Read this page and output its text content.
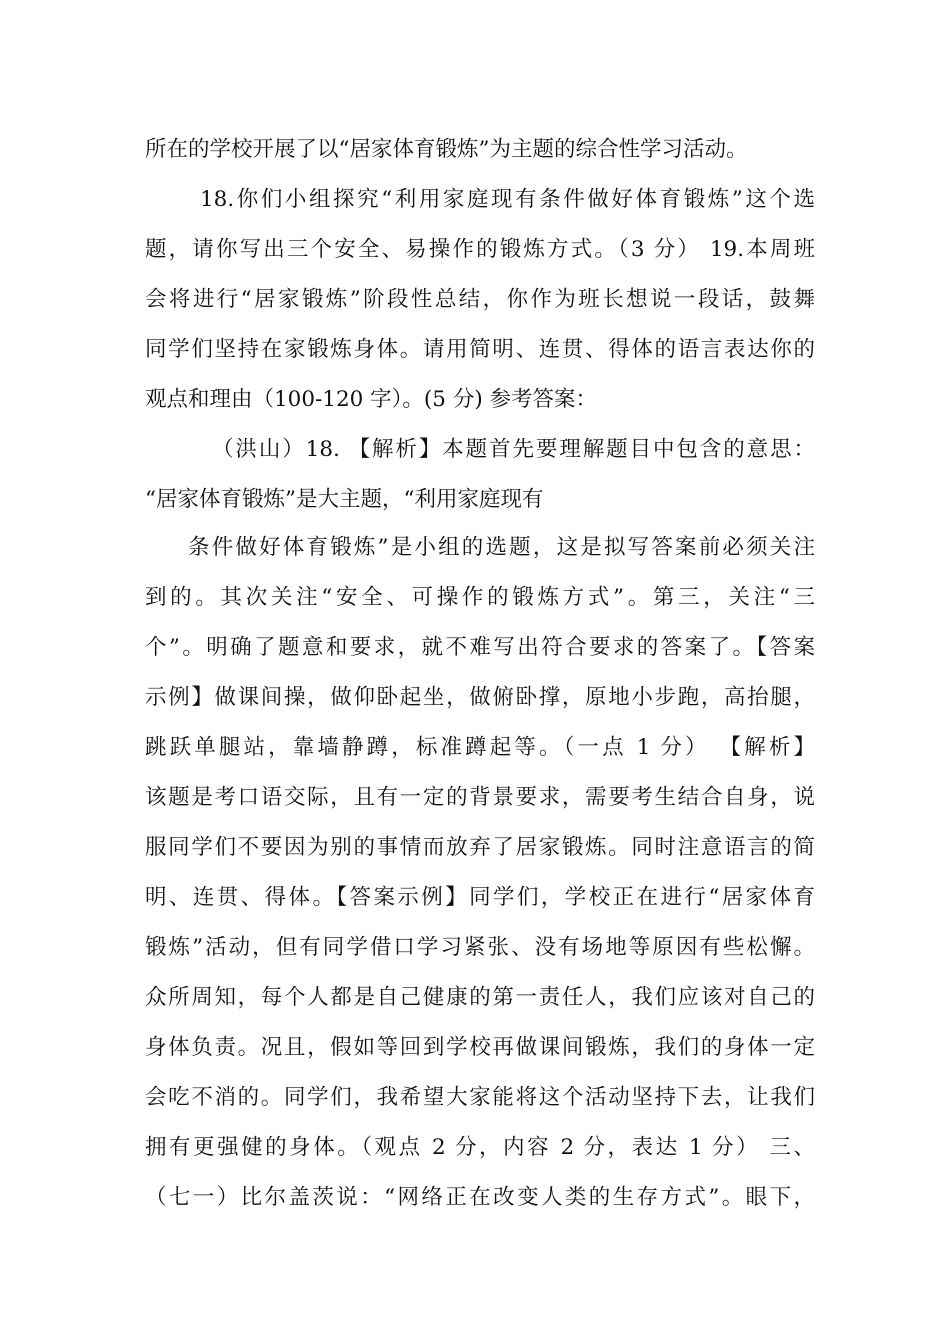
所在的学校开展了以“居家体育锻炼”为主题的综合性学习活动。
18.你们小组探究“利用家庭现有条件做好体育锻炼”这个选
题，请你写出三个安全、易操作的锻炼方式。（3 分） 19.本周班
会将进行“居家锻炼”阶段性总结，你作为班长想说一段话，鼓舞
同学们坚持在家锻炼身体。请用简明、连贯、得体的语言表达你的
观点和理由（100-120 字）。(5 分) 参考答案：
（洪山）18. 【解析】本题首先要理解题目中包含的意思：
“居家体育锻炼”是大主题，“利用家庭现有
条件做好体育锻炼”是小组的选题，这是拟写答案前必须关注
到的。其次关注“安全、可操作的锻炼方式”。第三，关注“三
个”。明确了题意和要求，就不难写出符合要求的答案了。【答案
示例】做课间操，做仰卧起坐，做俯卧撑，原地小步跑，高抬腿，
跳跃单腿站，靠墙静蹲，标准蹲起等。（一点 1 分） 【解析】
该题是考口语交际，且有一定的背景要求，需要考生结合自身，说
服同学们不要因为别的事情而放弃了居家锻炼。同时注意语言的简
明、连贯、得体。【答案示例】同学们，学校正在进行“居家体育
锻炼”活动，但有同学借口学习紧张、没有场地等原因有些松懈。
众所周知，每个人都是自己健康的第一责任人，我们应该对自己的
身体负责。况且，假如等回到学校再做课间锻炼，我们的身体一定
会吃不消的。同学们，我希望大家能将这个活动坚持下去，让我们
拥有更强健的身体。（观点 2 分，内容 2 分，表达 1 分） 三、
（七一）比尔盖茨说：“网络正在改变人类的生存方式”。眼下，
